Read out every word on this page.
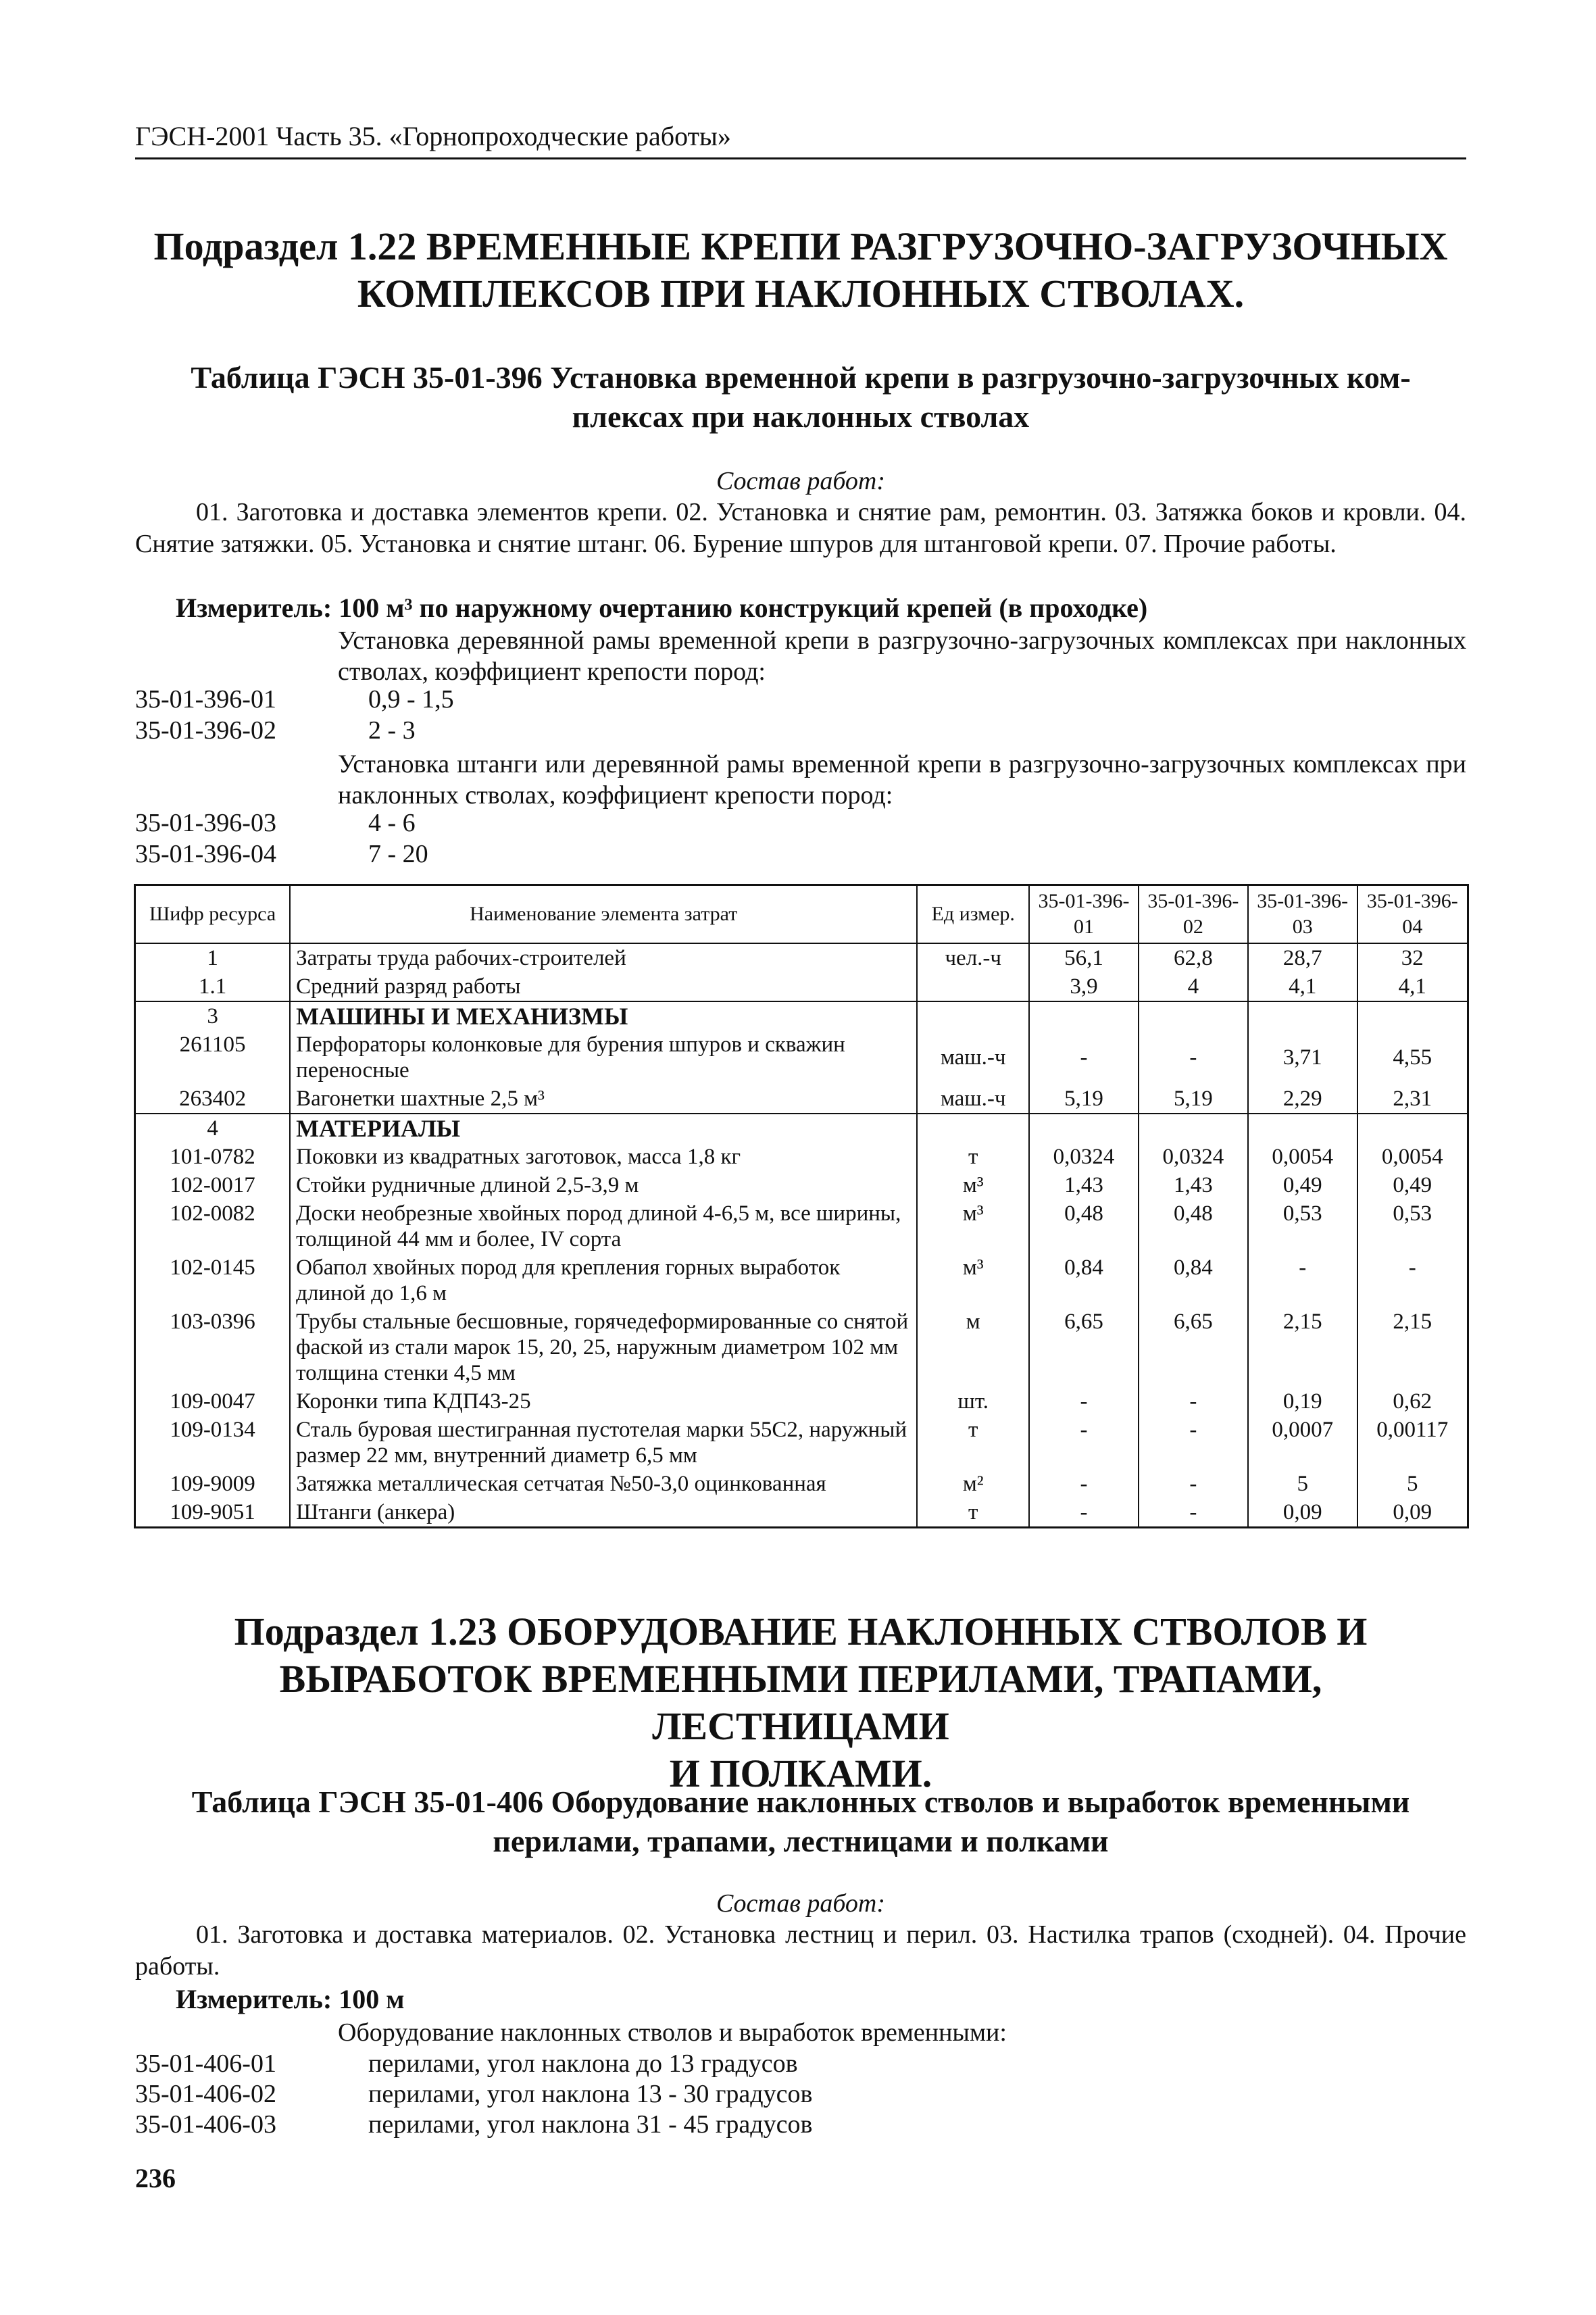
ГЭСН-2001 Часть 35. «Горнопроходческие работы»
Подраздел 1.22 ВРЕМЕННЫЕ КРЕПИ РАЗГРУЗОЧНО-ЗАГРУЗОЧНЫХ
КОМПЛЕКСОВ ПРИ НАКЛОННЫХ СТВОЛАХ.
Таблица ГЭСН 35-01-396 Установка временной крепи в разгрузочно-загрузочных ком-
плексах при наклонных стволах
Состав работ:
01. Заготовка и доставка элементов крепи. 02. Установка и снятие рам, ремонтин. 03. Затяжка боков и кровли. 04. Снятие затяжки. 05. Установка и снятие штанг. 06. Бурение шпуров для штанговой крепи. 07. Прочие работы.
Измеритель: 100 м³ по наружному очертанию конструкций крепей (в проходке)
Установка деревянной рамы временной крепи в разгрузочно-загрузочных комплексах при наклонных стволах, коэффициент крепости пород:
35-01-396-01	0,9 - 1,5
35-01-396-02	2 - 3
Установка штанги или деревянной рамы временной крепи в разгрузочно-загрузочных комплексах при наклонных стволах, коэффициент крепости пород:
35-01-396-03	4 - 6
35-01-396-04	7 - 20
Шифр ресурса	Наименование элемента затрат	Ед измер.	35-01-396-01	35-01-396-02	35-01-396-03	35-01-396-04
1	Затраты труда рабочих-строителей	чел.-ч	56,1	62,8	28,7	32
1.1	Средний разряд работы		3,9	4	4,1	4,1
3	МАШИНЫ И МЕХАНИЗМЫ					
261105	Перфораторы колонковые для бурения шпуров и скважин переносные	маш.-ч	-	-	3,71	4,55
263402	Вагонетки шахтные 2,5 м³	маш.-ч	5,19	5,19	2,29	2,31
4	МАТЕРИАЛЫ					
101-0782	Поковки из квадратных заготовок, масса 1,8 кг	т	0,0324	0,0324	0,0054	0,0054
102-0017	Стойки рудничные длиной 2,5-3,9 м	м³	1,43	1,43	0,49	0,49
102-0082	Доски необрезные хвойных пород длиной 4-6,5 м, все ширины, толщиной 44 мм и более, IV сорта	м³	0,48	0,48	0,53	0,53
102-0145	Обапол хвойных пород для крепления горных выработок длиной до 1,6 м	м³	0,84	0,84	-	-
103-0396	Трубы стальные бесшовные, горячедеформированные со снятой фаской из стали марок 15, 20, 25, наружным диаметром 102 мм толщина стенки 4,5 мм	м	6,65	6,65	2,15	2,15
109-0047	Коронки типа КДП43-25	шт.	-	-	0,19	0,62
109-0134	Сталь буровая шестигранная пустотелая марки 55С2, наружный размер 22 мм, внутренний диаметр 6,5 мм	т	-	-	0,0007	0,00117
109-9009	Затяжка металлическая сетчатая №50-3,0 оцинкованная	м²	-	-	5	5
109-9051	Штанги (анкера)	т	-	-	0,09	0,09
Подраздел 1.23 ОБОРУДОВАНИЕ НАКЛОННЫХ СТВОЛОВ И
ВЫРАБОТОК ВРЕМЕННЫМИ ПЕРИЛАМИ, ТРАПАМИ, ЛЕСТНИЦАМИ
И ПОЛКАМИ.
Таблица ГЭСН 35-01-406 Оборудование наклонных стволов и выработок временными
перилами, трапами, лестницами и полками
Состав работ:
01. Заготовка и доставка материалов. 02. Установка лестниц и перил. 03. Настилка трапов (сходней). 04. Прочие работы.
Измеритель: 100 м
Оборудование наклонных стволов и выработок временными:
35-01-406-01	перилами, угол наклона до 13 градусов
35-01-406-02	перилами, угол наклона 13 - 30 градусов
35-01-406-03	перилами, угол наклона 31 - 45 градусов
236
